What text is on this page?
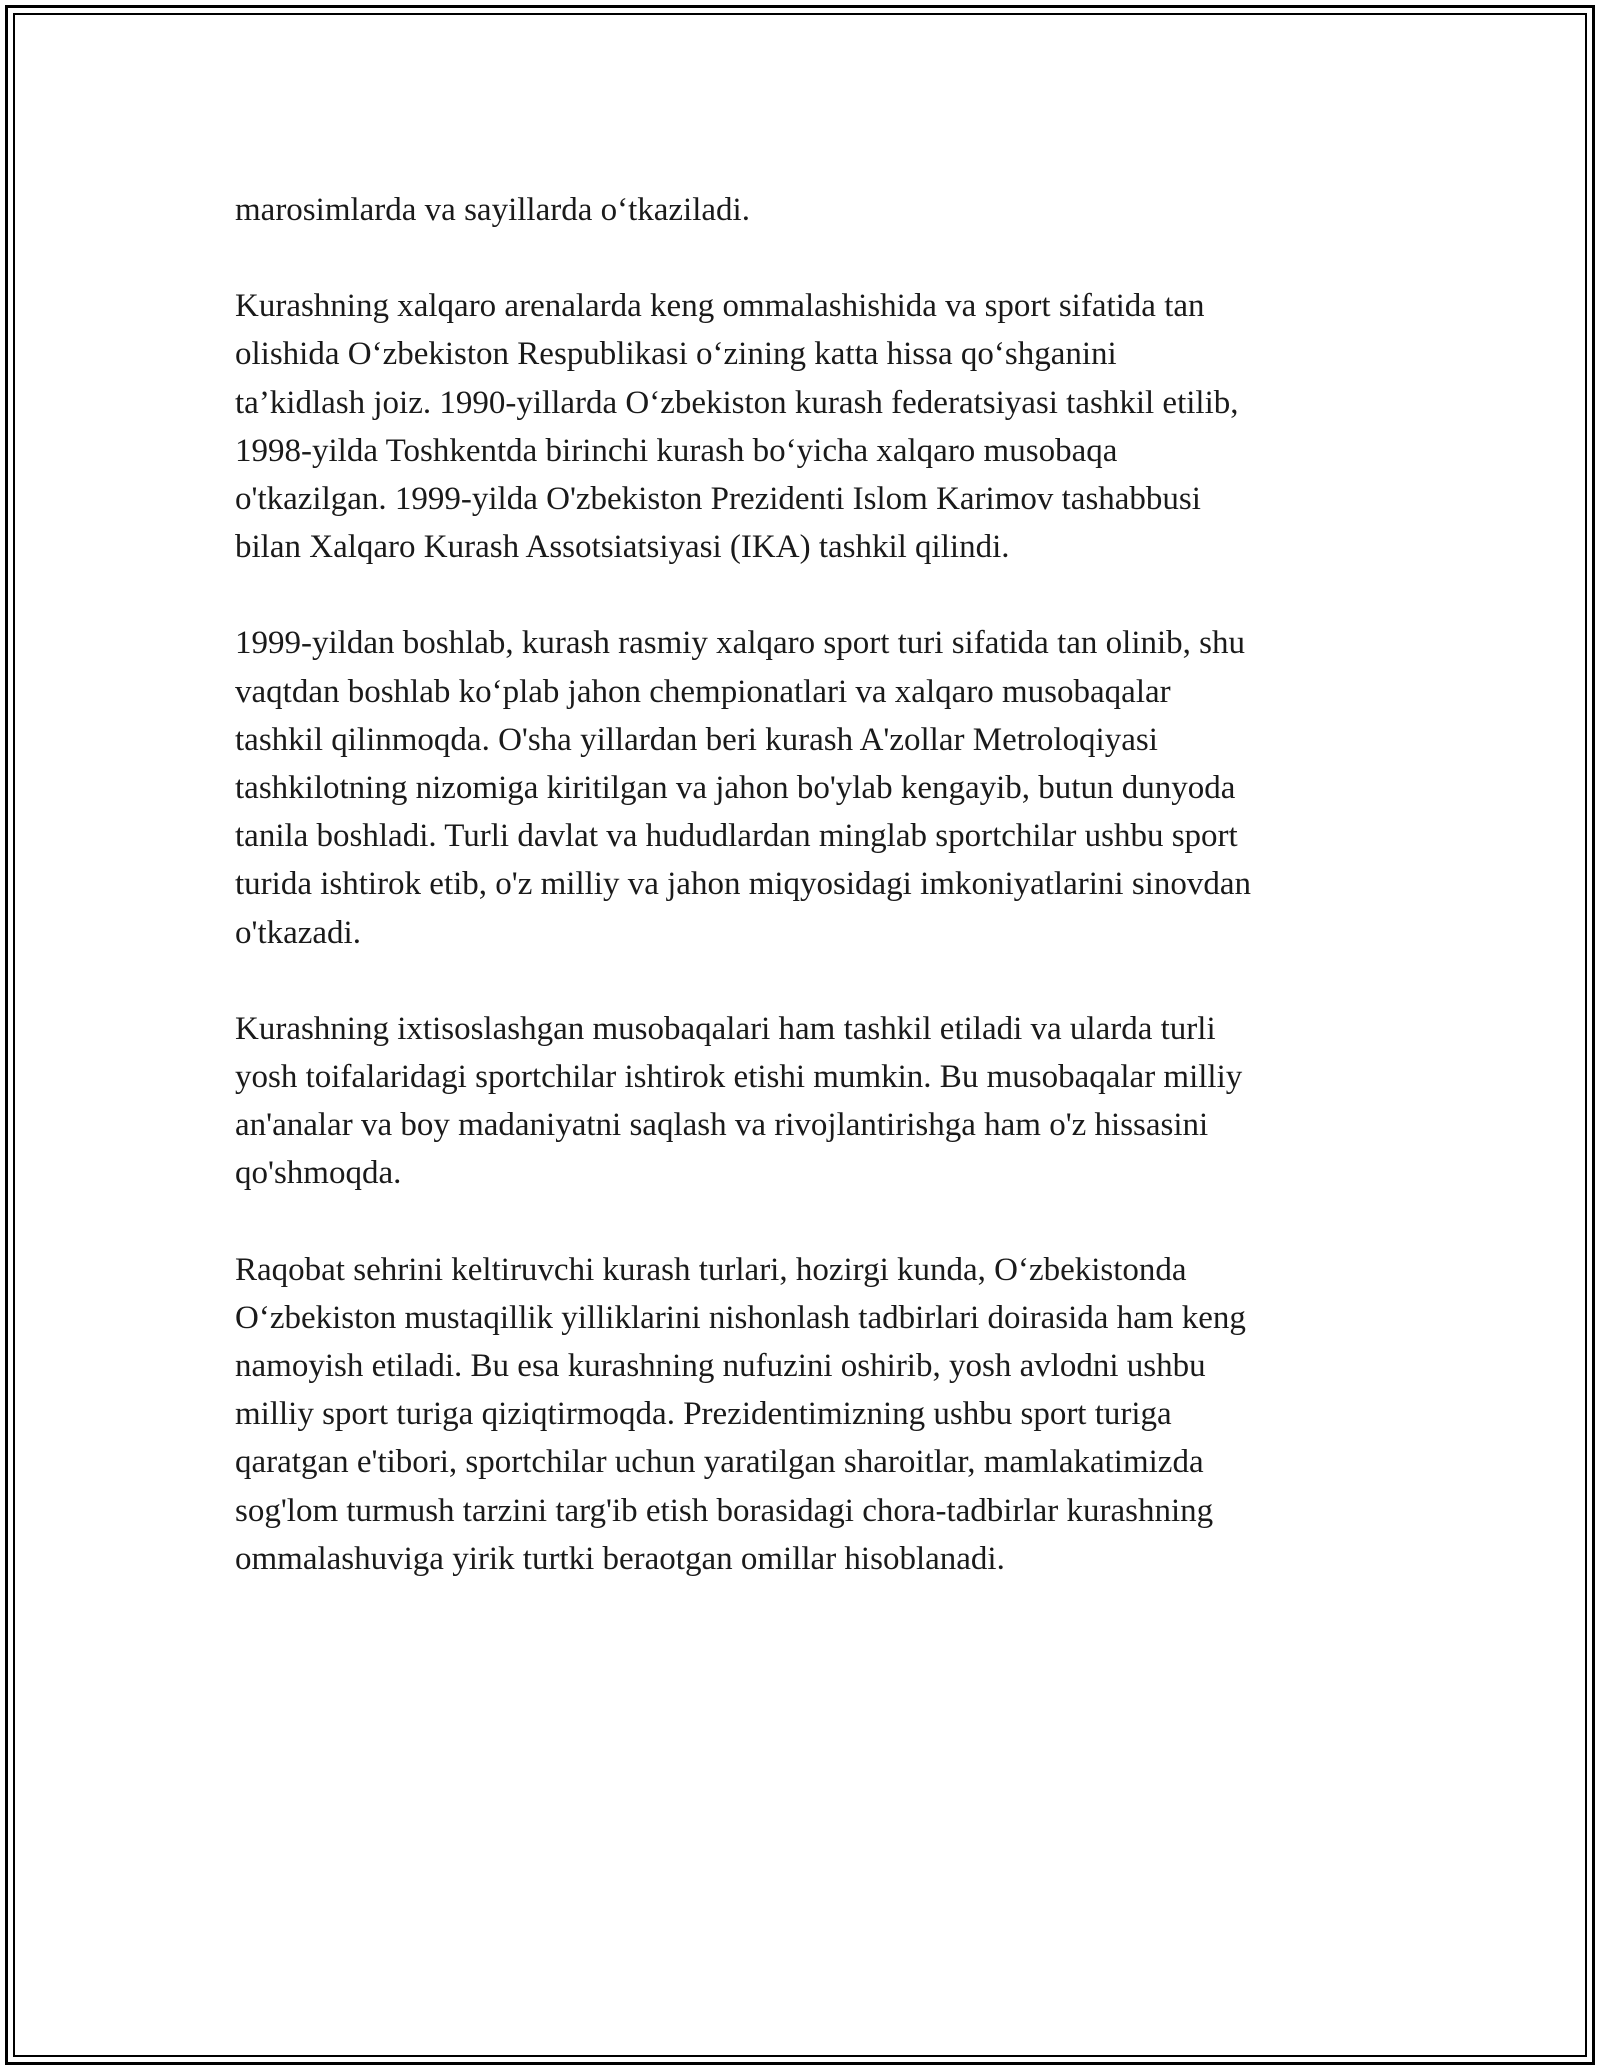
marosimlarda va sayillarda o‘tkaziladi.

Kurashning xalqaro arenalarda keng ommalashishida va sport sifatida tan
olishida O‘zbekiston Respublikasi o‘zining katta hissa qo‘shganini
ta’kidlash joiz. 1990-yillarda O‘zbekiston kurash federatsiyasi tashkil etilib,
1998-yilda Toshkentda birinchi kurash bo‘yicha xalqaro musobaqa
o'tkazilgan. 1999-yilda O'zbekiston Prezidenti Islom Karimov tashabbusi
bilan Xalqaro Kurash Assotsiatsiyasi (IKA) tashkil qilindi.

1999-yildan boshlab, kurash rasmiy xalqaro sport turi sifatida tan olinib, shu
vaqtdan boshlab ko‘plab jahon chempionatlari va xalqaro musobaqalar
tashkil qilinmoqda. O'sha yillardan beri kurash A'zollar Metroloqiyasi
tashkilotning nizomiga kiritilgan va jahon bo'ylab kengayib, butun dunyoda
tanila boshladi. Turli davlat va hududlardan minglab sportchilar ushbu sport
turida ishtirok etib, o'z milliy va jahon miqyosidagi imkoniyatlarini sinovdan
o'tkazadi.

Kurashning ixtisoslashgan musobaqalari ham tashkil etiladi va ularda turli
yosh toifalaridagi sportchilar ishtirok etishi mumkin. Bu musobaqalar milliy
an'analar va boy madaniyatni saqlash va rivojlantirishga ham o'z hissasini
qo'shmoqda.

Raqobat sehrini keltiruvchi kurash turlari, hozirgi kunda, O‘zbekistonda
O‘zbekiston mustaqillik yilliklarini nishonlash tadbirlari doirasida ham keng
namoyish etiladi. Bu esa kurashning nufuzini oshirib, yosh avlodni ushbu
milliy sport turiga qiziqtirmoqda. Prezidentimizning ushbu sport turiga
qaratgan e'tibori, sportchilar uchun yaratilgan sharoitlar, mamlakatimizda
sog'lom turmush tarzini targ'ib etish borasidagi chora-tadbirlar kurashning
ommalashuviga yirik turtki beraotgan omillar hisoblanadi.
